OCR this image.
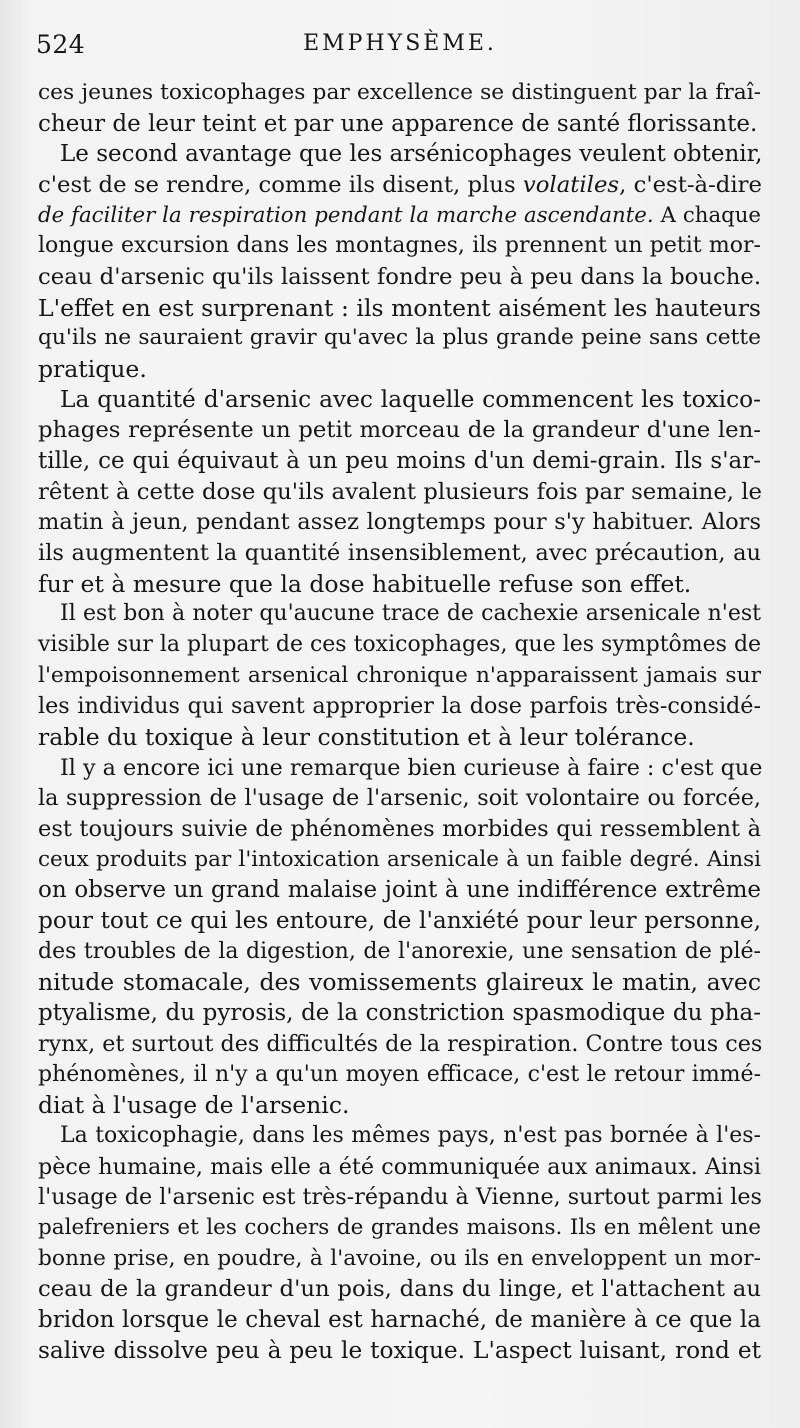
524	EMPHYSÈME.
ces jeunes toxicophages par excellence se distinguent par la fraî-
cheur de leur teint et par une apparence de santé florissante.
Le second avantage que les arsénicophages veulent obtenir,
c'est de se rendre, comme ils disent, plus volatiles, c'est-à-dire
de faciliter la respiration pendant la marche ascendante. A chaque
longue excursion dans les montagnes, ils prennent un petit mor-
ceau d'arsenic qu'ils laissent fondre peu à peu dans la bouche.
L'effet en est surprenant : ils montent aisément les hauteurs
qu'ils ne sauraient gravir qu'avec la plus grande peine sans cette
pratique.
La quantité d'arsenic avec laquelle commencent les toxico-
phages représente un petit morceau de la grandeur d'une len-
tille, ce qui équivaut à un peu moins d'un demi-grain. Ils s'ar-
rêtent à cette dose qu'ils avalent plusieurs fois par semaine, le
matin à jeun, pendant assez longtemps pour s'y habituer. Alors
ils augmentent la quantité insensiblement, avec précaution, au
fur et à mesure que la dose habituelle refuse son effet.
Il est bon à noter qu'aucune trace de cachexie arsenicale n'est
visible sur la plupart de ces toxicophages, que les symptômes de
l'empoisonnement arsenical chronique n'apparaissent jamais sur
les individus qui savent approprier la dose parfois très-considé-
rable du toxique à leur constitution et à leur tolérance.
Il y a encore ici une remarque bien curieuse à faire : c'est que
la suppression de l'usage de l'arsenic, soit volontaire ou forcée,
est toujours suivie de phénomènes morbides qui ressemblent à
ceux produits par l'intoxication arsenicale à un faible degré. Ainsi
on observe un grand malaise joint à une indifférence extrême
pour tout ce qui les entoure, de l'anxiété pour leur personne,
des troubles de la digestion, de l'anorexie, une sensation de plé-
nitude stomacale, des vomissements glaireux le matin, avec
ptyalisme, du pyrosis, de la constriction spasmodique du pha-
rynx, et surtout des difficultés de la respiration. Contre tous ces
phénomènes, il n'y a qu'un moyen efficace, c'est le retour immé-
diat à l'usage de l'arsenic.
La toxicophagie, dans les mêmes pays, n'est pas bornée à l'es-
pèce humaine, mais elle a été communiquée aux animaux. Ainsi
l'usage de l'arsenic est très-répandu à Vienne, surtout parmi les
palefreniers et les cochers de grandes maisons. Ils en mêlent une
bonne prise, en poudre, à l'avoine, ou ils en enveloppent un mor-
ceau de la grandeur d'un pois, dans du linge, et l'attachent au
bridon lorsque le cheval est harnaché, de manière à ce que la
salive dissolve peu à peu le toxique. L'aspect luisant, rond et
